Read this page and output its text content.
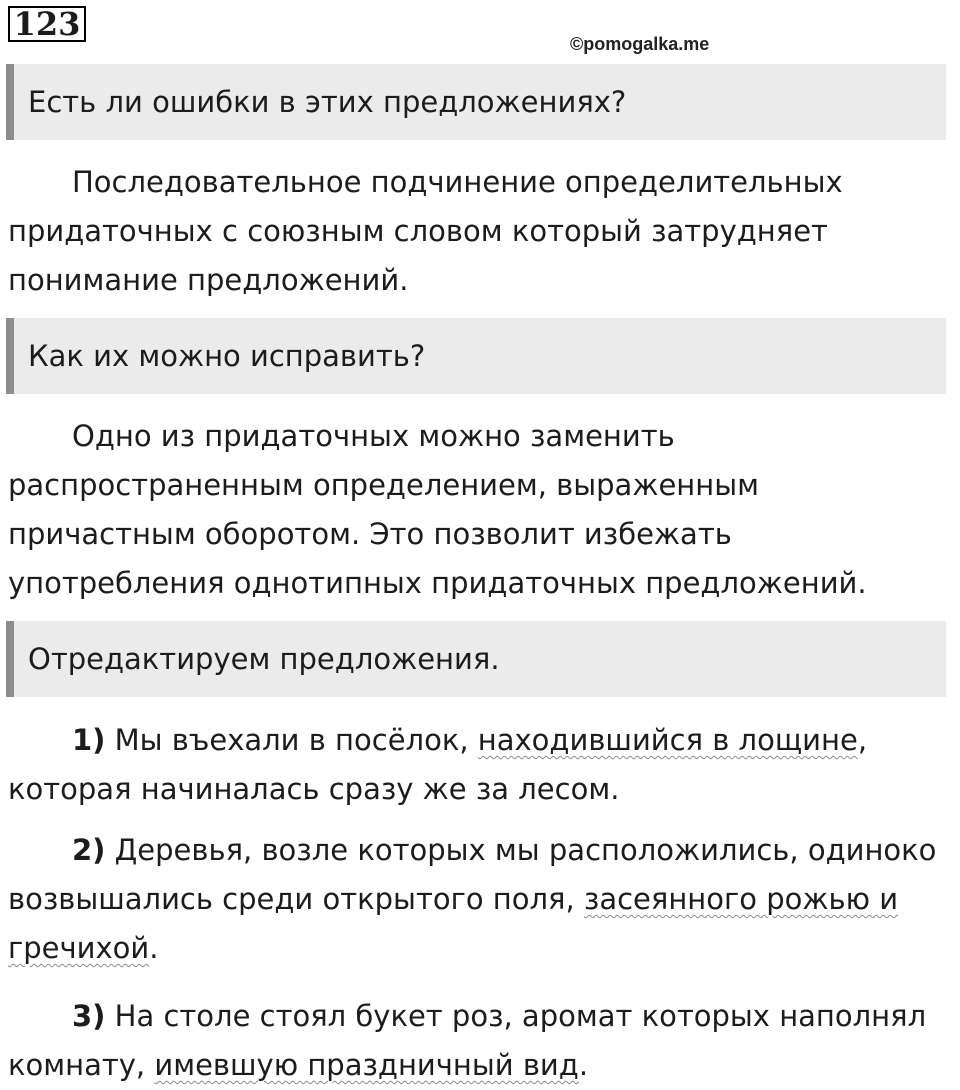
123
©pomogalka.me
Есть ли ошибки в этих предложениях?
Последовательное подчинение определительных
придаточных с союзным словом который затрудняет
понимание предложений.
Как их можно исправить?
Одно из придаточных можно заменить
распространенным определением, выраженным
причастным оборотом. Это позволит избежать
употребления однотипных придаточных предложений.
Отредактируем предложения.
1) Мы въехали в посёлок, находившийся в лощине,
которая начиналась сразу же за лесом.
2) Деревья, возле которых мы расположились, одиноко
возвышались среди открытого поля, засеянного рожью и
гречихой.
3) На столе стоял букет роз, аромат которых наполнял
комнату, имевшую праздничный вид.
